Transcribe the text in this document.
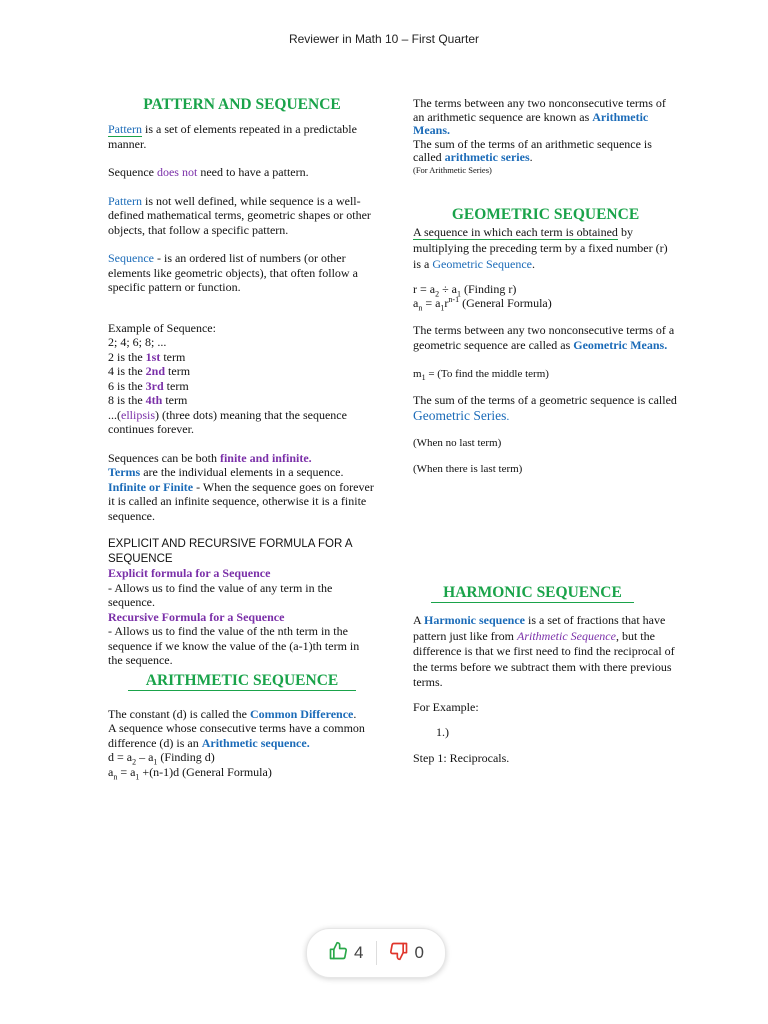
Reviewer in Math 10 – First Quarter
PATTERN AND SEQUENCE

Pattern is a set of elements repeated in a predictable manner.

Sequence does not need to have a pattern.

Pattern is not well defined, while sequence is a well-defined mathematical terms, geometric shapes or other objects, that follow a specific pattern.

Sequence - is an ordered list of numbers (or other elements like geometric objects), that often follow a specific pattern or function.

Example of Sequence:

2; 4; 6; 8; ...

2 is the 1st term

4 is the 2nd term

6 is the 3rd term

8 is the 4th term

...(ellipsis) (three dots) meaning that the sequence continues forever.

Sequences can be both finite and infinite.

Terms are the individual elements in a sequence.

Infinite or Finite - When the sequence goes on forever it is called an infinite sequence, otherwise it is a finite sequence.

EXPLICIT AND RECURSIVE FORMULA FOR A SEQUENCE

Explicit formula for a Sequence

- Allows us to find the value of any term in the sequence.

Recursive Formula for a Sequence

- Allows us to find the value of the nth term in the sequence if we know the value of the (a-1)th term in the sequence.

ARITHMETIC SEQUENCE

The constant (d) is called the Common Difference.

A sequence whose consecutive terms have a common difference (d) is an Arithmetic sequence.

$d = a_2 - a_1$ (Finding d)

$a_n = a_1 +(n-1)d$ (General Formula)

The terms between any two nonconsecutive terms of an arithmetic sequence are known as Arithmetic Means.

The sum of the terms of an arithmetic sequence is called arithmetic series.

(For Arithmetic Series)

GEOMETRIC SEQUENCE

A sequence in which each term is obtained by multiplying the preceding term by a fixed number (r) is a Geometric Sequence.

$r = a_2 \div a_1$ (Finding r)

$a_n = a_1r^{n-1}$ (General Formula)

The terms between any two nonconsecutive terms of a geometric sequence are called as Geometric Means.

$m_1 = (To$ find the middle term)

The sum of the terms of a geometric sequence is called Geometric Series.

(When no last term)

(When there is last term)

HARMONIC SEQUENCE

A Harmonic sequence is a set of fractions that have pattern just like from Arithmetic Sequence, but the difference is that we first need to find the reciprocal of the terms before we subtract them with there previous terms.

For Example:

1.)

Step 1: Reciprocals.

4	0
